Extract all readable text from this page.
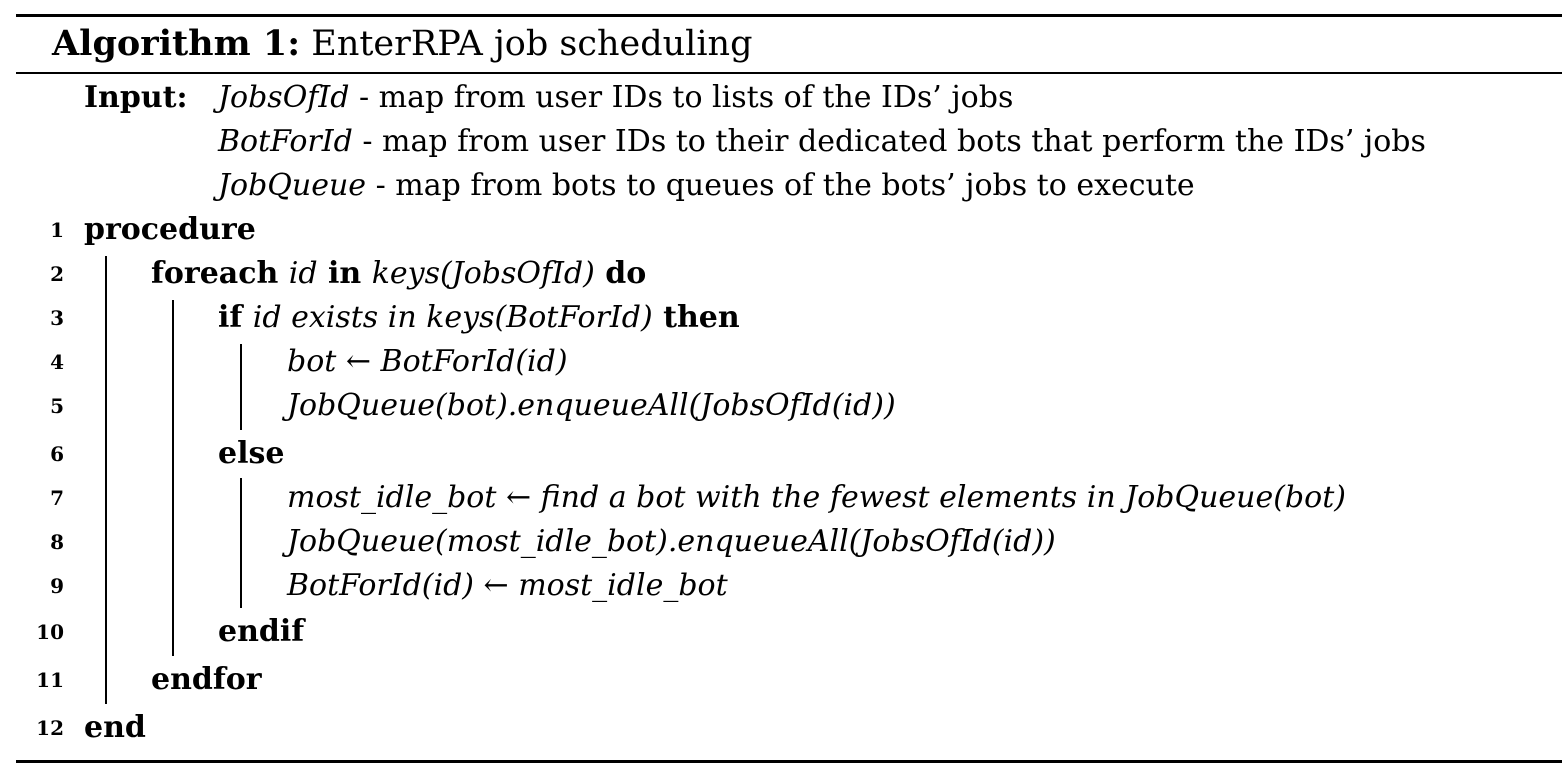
Algorithm 1: EnterRPA job scheduling
Input: JobsOfId - map from user IDs to lists of the IDs’ jobs
BotForId - map from user IDs to their dedicated bots that perform the IDs’ jobs
JobQueue - map from bots to queues of the bots’ jobs to execute
1 procedure
2	foreach id in keys(JobsOfId) do
3	if id exists in keys(BotForId) then
4	bot ← BotForId(id)
5	JobQueue(bot).enqueueAll(JobsOfId(id))
6	else
7	most_idle_bot ← find a bot with the fewest elements in JobQueue(bot)
8	JobQueue(most_idle_bot).enqueueAll(JobsOfId(id))
9	BotForId(id) ← most_idle_bot
10	endif
11	endfor
12 end
